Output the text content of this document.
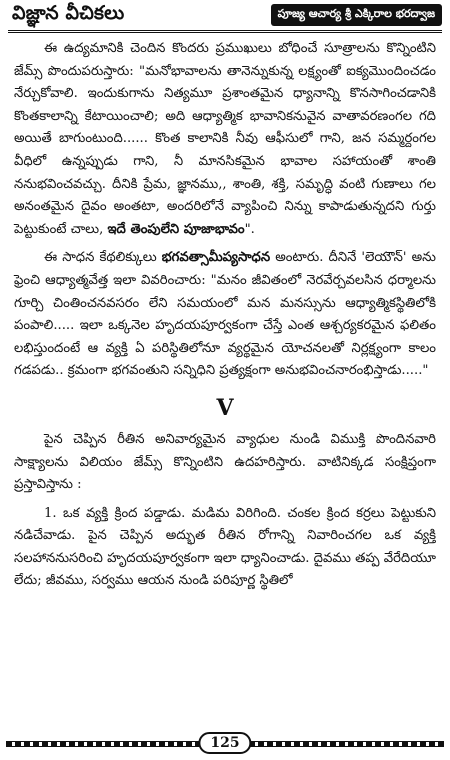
విజ్ఞాన వీచికలు	పూజ్య ఆచార్య శ్రీ ఎక్కిరాల భరద్వాజ

ఈ ఉద్యమానికి చెందిన కొందరు ప్రముఖులు బోధించే సూత్రాలను కొన్నింటిని జేమ్స్ పొందుపరుస్తారు: "మనోభావాలను తానెన్నుకున్న లక్ష్యంతో ఐక్యమొందించడం నేర్చుకోవాలి. ఇందుకుగాను నిత్యమూ ప్రశాంతమైన ధ్యానాన్ని కొనసాగించడానికి కొంతకాలాన్ని కేటాయించాలి; అది ఆధ్యాత్మిక భావానికనువైన వాతావరణంగల గది అయితే బాగుంటుంది...... కొంత కాలానికి నీవు ఆఫీసులో గాని, జన సమ్మర్దంగల వీధిలో ఉన్నప్పుడు గాని, నీ మానసికమైన భావాల సహాయంతో శాంతి ననుభవించవచ్చు. దీనికి ప్రేమ, జ్ఞానము,, శాంతి, శక్తి, సమృద్ధి వంటి గుణాలు గల అనంతమైన దైవం అంతటా, అందరిలోనే వ్యాపించి నిన్ను కాపాడుతున్నదని గుర్తు పెట్టుకుంటే చాలు, ఇదే తెంపులేని పూజాభావం".

ఈ సాధన కేథలిక్కులు భగవత్సామీప్యసాధన అంటారు. దీనినే 'లెయౌన్' అను ఫ్రెంచి ఆధ్యాత్మవేత్త ఇలా వివరించారు: "మనం జీవితంలో నెరవేర్చవలసిన ధర్మాలను గూర్చి చింతించనవసరం లేని సమయంలో మన మనస్సును ఆధ్యాత్మికస్థితిలోకి పంపాలి..... ఇలా ఒక్కనెల హృదయపూర్వకంగా చేస్తే ఎంత ఆశ్చర్యకరమైన ఫలితం లభిస్తుందంటే ఆ వ్యక్తి ఏ పరిస్థితిలోనూ వ్యర్థమైన యోచనలతో నిర్లక్ష్యంగా కాలం గడపడు.. క్రమంగా భగవంతుని సన్నిధిని ప్రత్యక్షంగా అనుభవించనారంభిస్తాడు....."

V

పైన చెప్పిన రీతిన అనివార్యమైన వ్యాధుల నుండి విముక్తి పొందినవారి సాక్ష్యాలను విలియం జేమ్స్ కొన్నింటిని ఉదహరిస్తారు. వాటినిక్కడ సంక్షిప్తంగా ప్రస్తావిస్తాను :

1. ఒక వ్యక్తి క్రింద పడ్డాడు. మడిమ విరిగింది. చంకల క్రింద కర్రలు పెట్టుకుని నడిచేవాడు. పైన చెప్పిన అద్భుత రీతిన రోగాన్ని నివారించగల ఒక వ్యక్తి సలహాననుసరించి హృదయపూర్వకంగా ఇలా ధ్యానించాడు. దైవము తప్ప వేరేదియూ లేదు; జీవము, సర్వము ఆయన నుండి పరిపూర్ణ స్థితిలో

125
